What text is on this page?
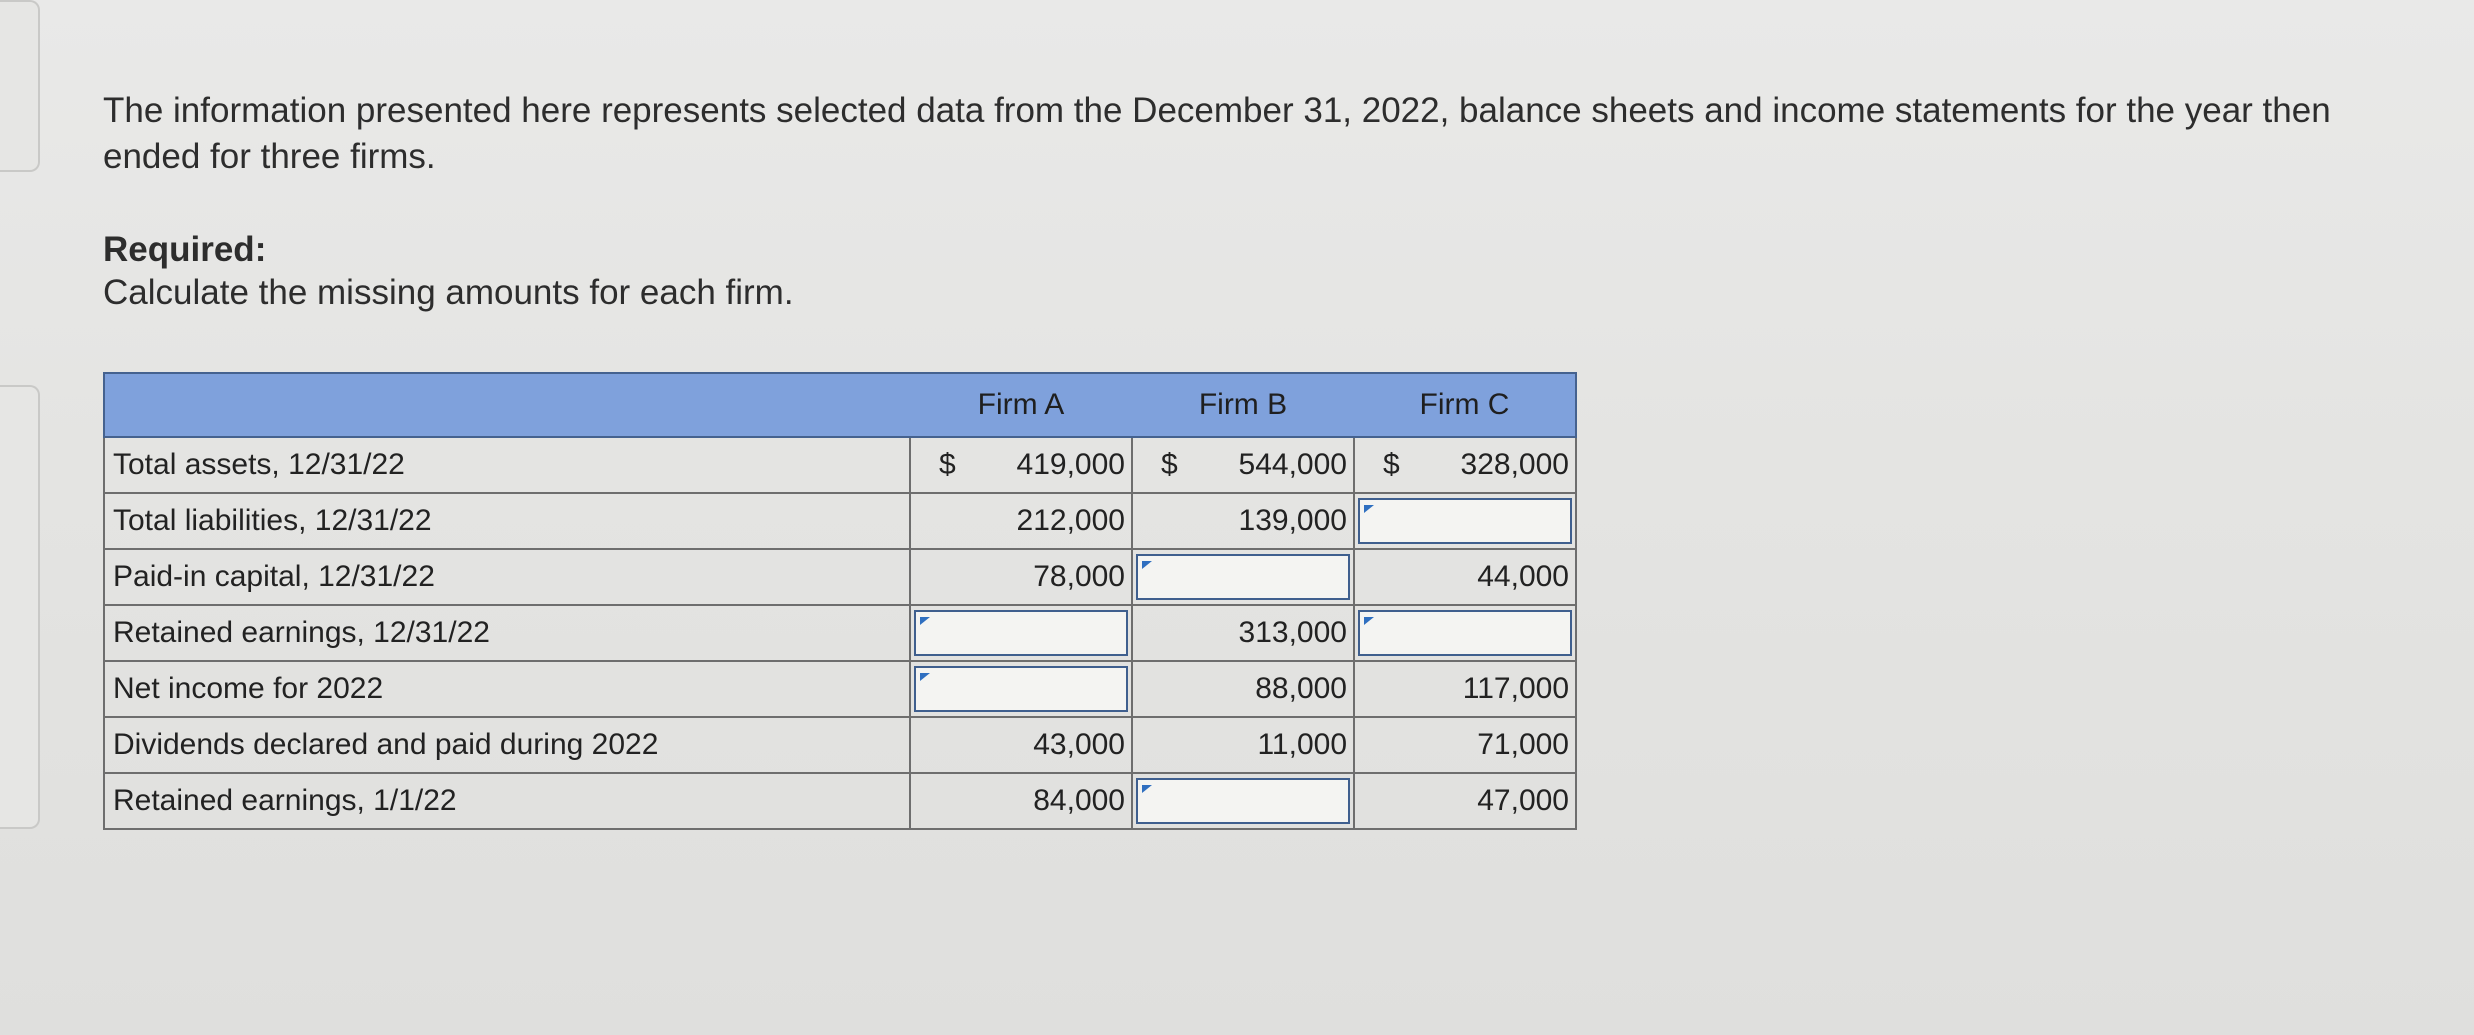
The information presented here represents selected data from the December 31, 2022, balance sheets and income statements for the year then ended for three firms.
Required:
Calculate the missing amounts for each firm.
	Firm A	Firm B	Firm C
Total assets, 12/31/22	$ 419,000	$ 544,000	$ 328,000
Total liabilities, 12/31/22	212,000	139,000	

Paid-in capital, 12/31/22	78,000		44,000
Retained earnings, 12/31/22		313,000	

Net income for 2022		88,000	117,000
Dividends declared and paid during 2022	43,000	11,000	71,000
Retained earnings, 1/1/22	84,000		47,000
